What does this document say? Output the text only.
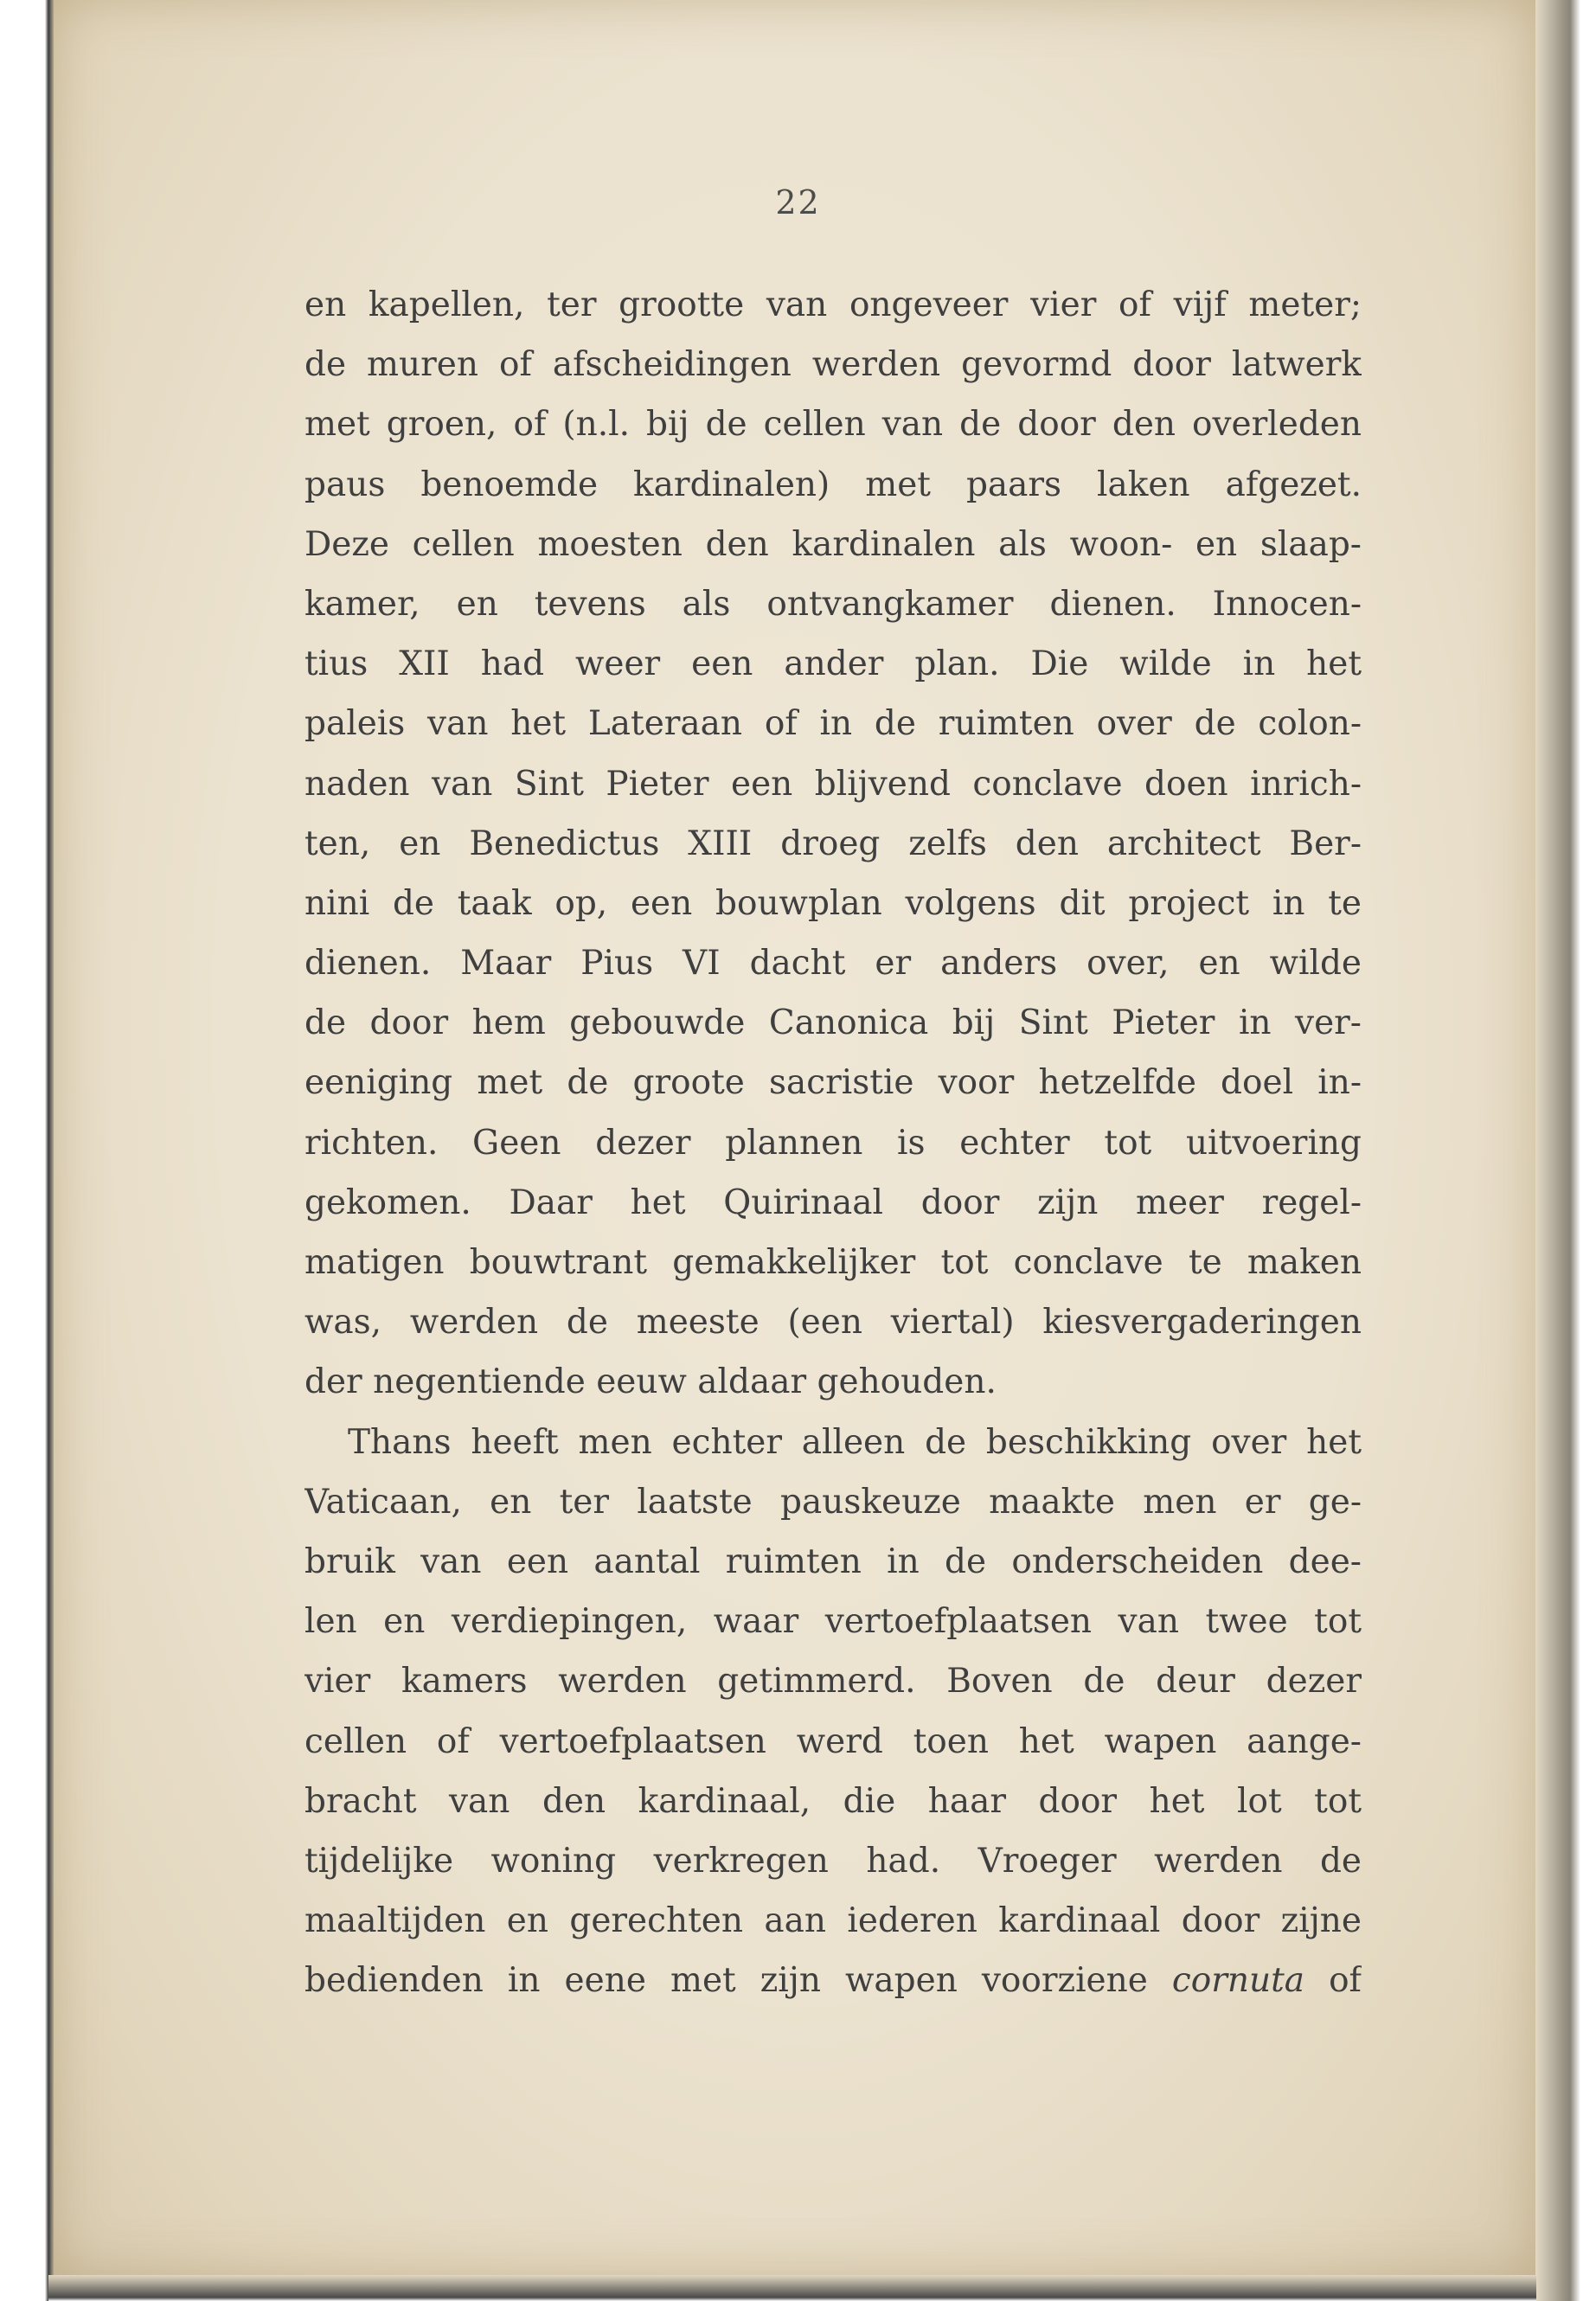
22
en kapellen, ter grootte van ongeveer vier of vijf meter;
de muren of afscheidingen werden gevormd door latwerk
met groen, of (n.l. bij de cellen van de door den overleden
paus benoemde kardinalen) met paars laken afgezet.
Deze cellen moesten den kardinalen als woon- en slaap-
kamer, en tevens als ontvangkamer dienen. Innocen-
tius XII had weer een ander plan. Die wilde in het
paleis van het Lateraan of in de ruimten over de colon-
naden van Sint Pieter een blijvend conclave doen inrich-
ten, en Benedictus XIII droeg zelfs den architect Ber-
nini de taak op, een bouwplan volgens dit project in te
dienen. Maar Pius VI dacht er anders over, en wilde
de door hem gebouwde Canonica bij Sint Pieter in ver-
eeniging met de groote sacristie voor hetzelfde doel in-
richten. Geen dezer plannen is echter tot uitvoering
gekomen. Daar het Quirinaal door zijn meer regel-
matigen bouwtrant gemakkelijker tot conclave te maken
was, werden de meeste (een viertal) kiesvergaderingen
der negentiende eeuw aldaar gehouden.
Thans heeft men echter alleen de beschikking over het
Vaticaan, en ter laatste pauskeuze maakte men er ge-
bruik van een aantal ruimten in de onderscheiden dee-
len en verdiepingen, waar vertoefplaatsen van twee tot
vier kamers werden getimmerd. Boven de deur dezer
cellen of vertoefplaatsen werd toen het wapen aange-
bracht van den kardinaal, die haar door het lot tot
tijdelijke woning verkregen had. Vroeger werden de
maaltijden en gerechten aan iederen kardinaal door zijne
bedienden in eene met zijn wapen voorziene cornuta of
